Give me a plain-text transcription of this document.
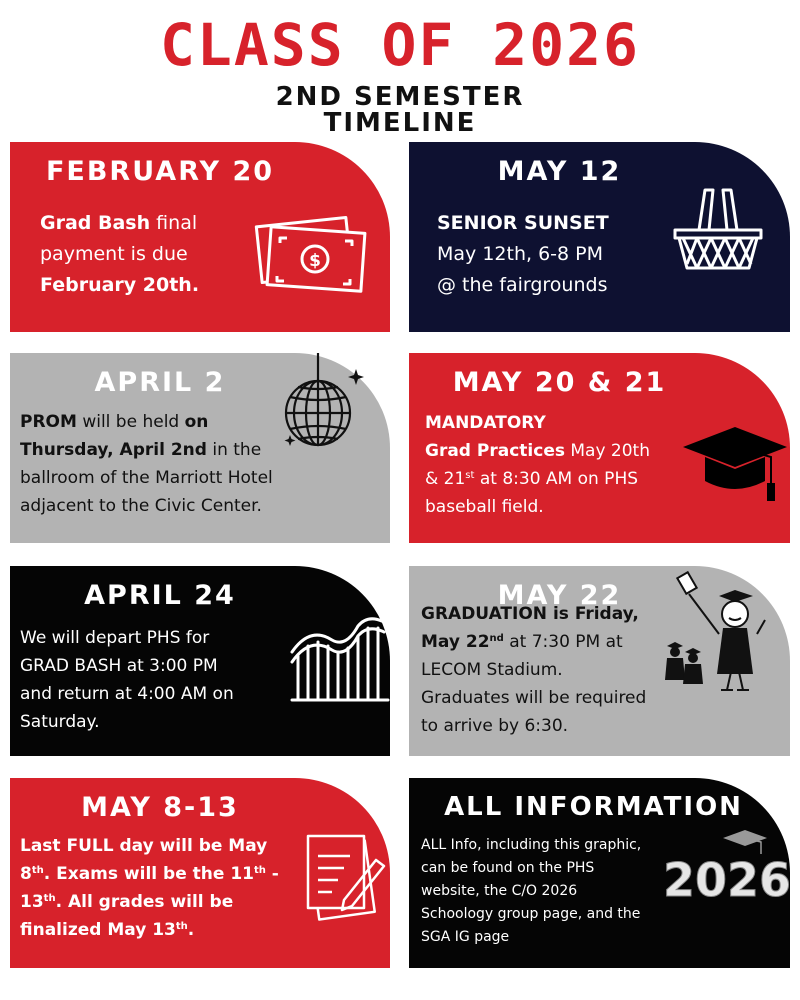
CLASS OF 2026
2ND SEMESTER
TIMELINE
FEBRUARY 20
Grad Bash final
payment is due
February 20th.
$
MAY 12
SENIOR SUNSET
May 12th, 6-8 PM
@ the fairgrounds
APRIL 2
PROM will be held on
Thursday, April 2nd in the
ballroom of the Marriott Hotel
adjacent to the Civic Center.
MAY 20 & 21
MANDATORY
Grad Practices May 20th
& 21st at 8:30 AM on PHS
baseball field.
APRIL 24
We will depart PHS for
GRAD BASH at 3:00 PM
and return at 4:00 AM on
Saturday.
MAY 22
GRADUATION is Friday,
May 22nd at 7:30 PM at
LECOM Stadium.
Graduates will be required
to arrive by 6:30.
MAY 8-13
Last FULL day will be May
8th. Exams will be the 11th -
13th. All grades will be
finalized May 13th.
ALL INFORMATION
ALL Info, including this graphic,
can be found on the PHS
website, the C/O 2026
Schoology group page, and the
SGA IG page
2026
